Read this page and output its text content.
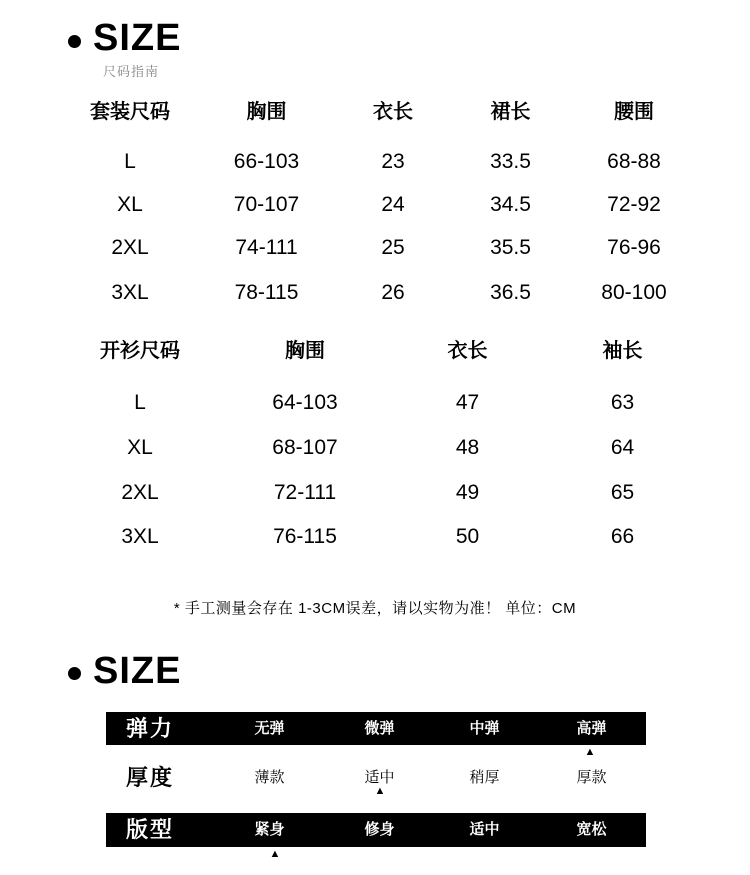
SIZE
尺码指南
套装尺码	胸围	衣长	裙长	腰围
L	66-103	23	33.5	68-88
XL	70-107	24	34.5	72-92
2XL	74-111	25	35.5	76-96
3XL	78-115	26	36.5	80-100
开衫尺码	胸围	衣长	袖长
L	64-103	47	63
XL	68-107	48	64
2XL	72-111	49	65
3XL	76-115	50	66
* 手工测量会存在 1-3CM误差，请以实物为准！ 单位：CM
SIZE
弹力	无弹	微弹	中弹	高弹
▲
厚度	薄款	适中	稍厚	厚款
▲
版型	紧身	修身	适中	宽松
▲
